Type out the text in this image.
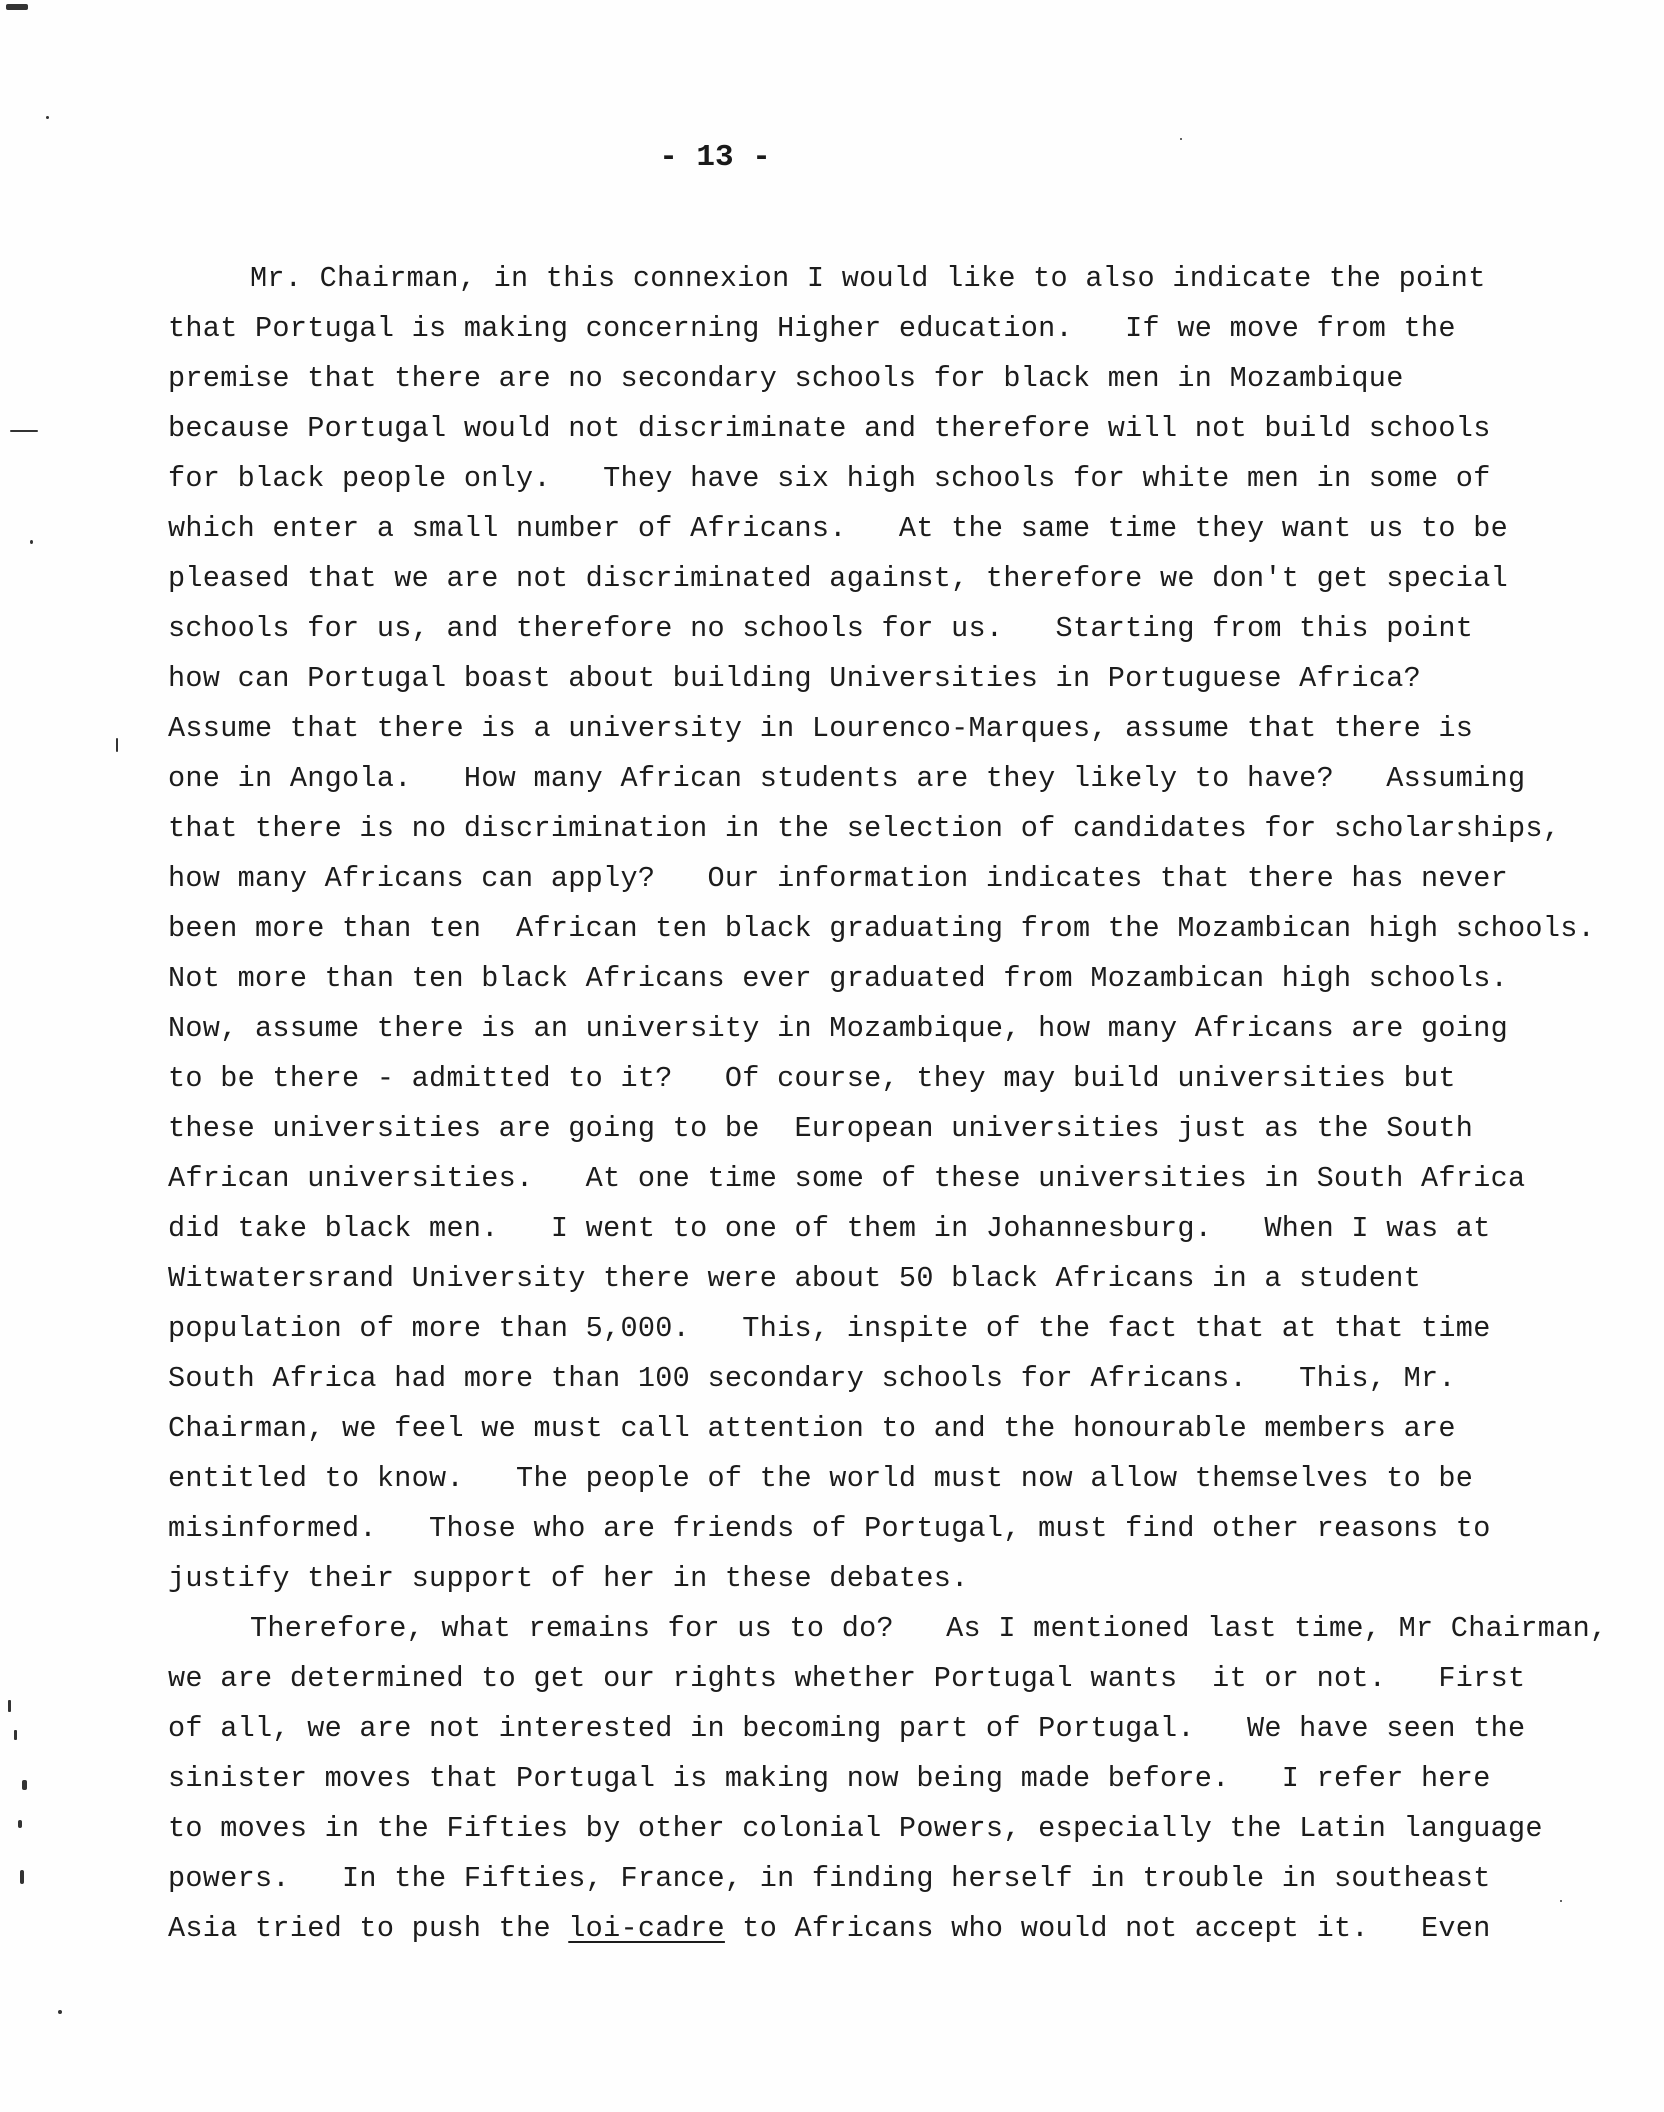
- 13 -
Mr. Chairman, in this connexion I would like to also indicate the point
that Portugal is making concerning Higher education.   If we move from the
premise that there are no secondary schools for black men in Mozambique
because Portugal would not discriminate and therefore will not build schools
for black people only.   They have six high schools for white men in some of
which enter a small number of Africans.   At the same time they want us to be
pleased that we are not discriminated against, therefore we don't get special
schools for us, and therefore no schools for us.   Starting from this point
how can Portugal boast about building Universities in Portuguese Africa?
Assume that there is a university in Lourenco-Marques, assume that there is
one in Angola.   How many African students are they likely to have?   Assuming
that there is no discrimination in the selection of candidates for scholarships,
how many Africans can apply?   Our information indicates that there has never
been more than ten  African ten black graduating from the Mozambican high schools.
Not more than ten black Africans ever graduated from Mozambican high schools.
Now, assume there is an university in Mozambique, how many Africans are going
to be there - admitted to it?   Of course, they may build universities but
these universities are going to be  European universities just as the South
African universities.   At one time some of these universities in South Africa
did take black men.   I went to one of them in Johannesburg.   When I was at
Witwatersrand University there were about 50 black Africans in a student
population of more than 5,000.   This, inspite of the fact that at that time
South Africa had more than 100 secondary schools for Africans.   This, Mr.
Chairman, we feel we must call attention to and the honourable members are
entitled to know.   The people of the world must now allow themselves to be
misinformed.   Those who are friends of Portugal, must find other reasons to
justify their support of her in these debates.
Therefore, what remains for us to do?   As I mentioned last time, Mr Chairman,
we are determined to get our rights whether Portugal wants  it or not.   First
of all, we are not interested in becoming part of Portugal.   We have seen the
sinister moves that Portugal is making now being made before.   I refer here
to moves in the Fifties by other colonial Powers, especially the Latin language
powers.   In the Fifties, France, in finding herself in trouble in southeast
Asia tried to push the loi-cadre to Africans who would not accept it.   Even
